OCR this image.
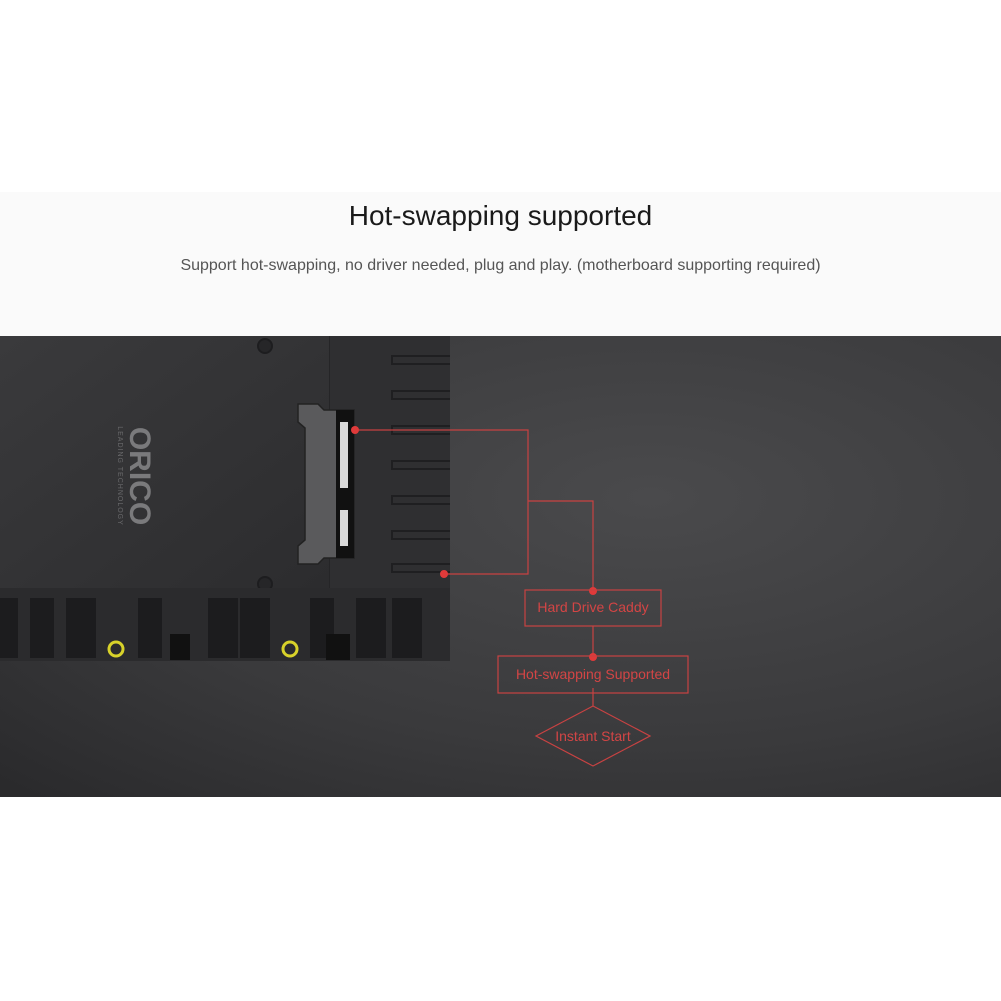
Hot-swapping supported
Support hot-swapping, no driver needed, plug and play. (motherboard supporting required)
ORICO
LEADING TECHNOLOGY
Hard Drive Caddy
Hot-swapping Supported
Instant Start
